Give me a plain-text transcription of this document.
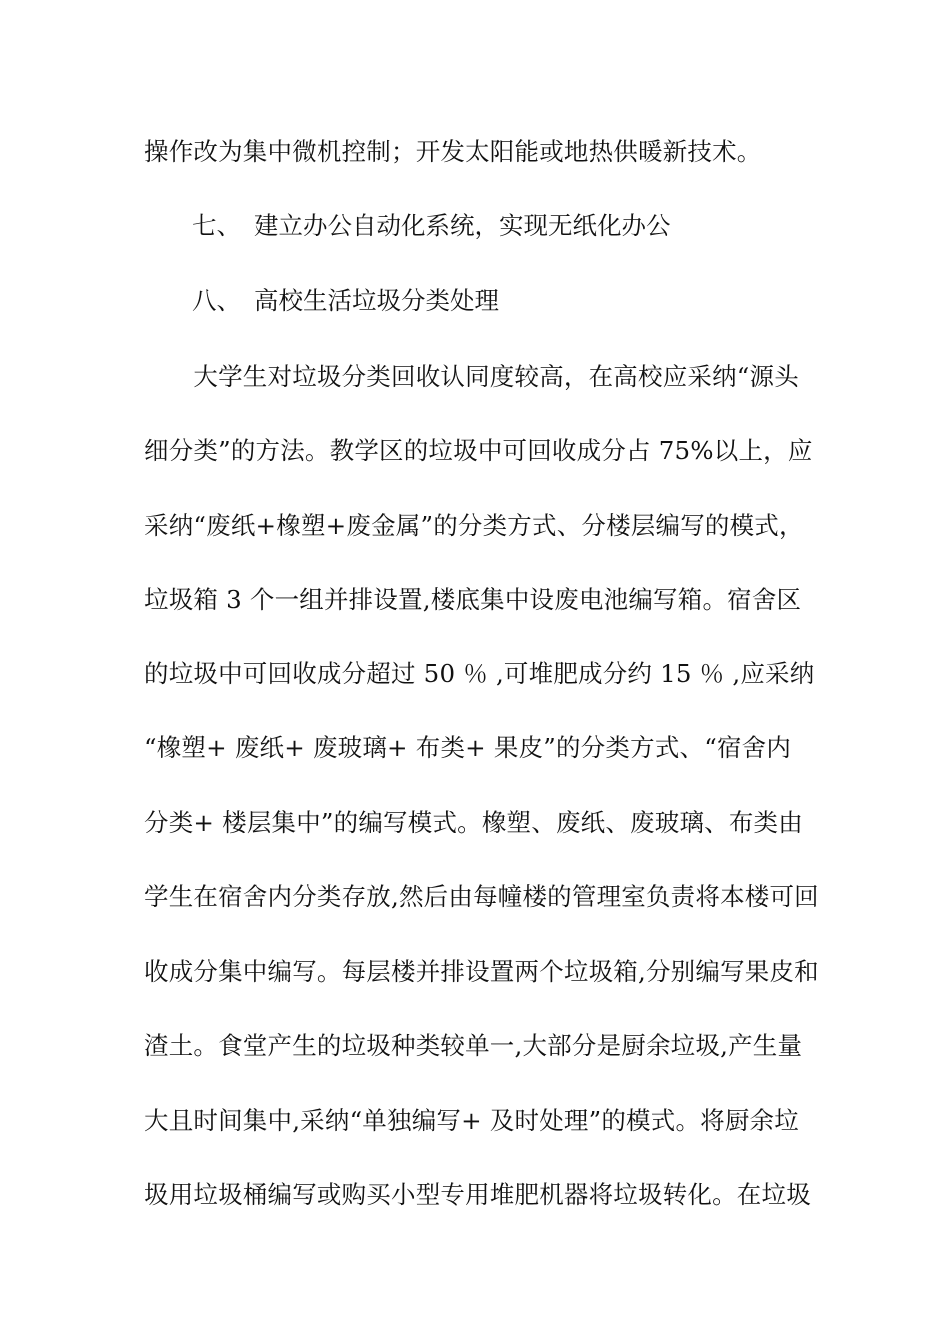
操作改为集中微机控制；开发太阳能或地热供暖新技术。
七、 建立办公自动化系统，实现无纸化办公
八、 高校生活垃圾分类处理
　　大学生对垃圾分类回收认同度较高，在高校应采纳“源头
细分类”的方法。教学区的垃圾中可回收成分占 75%以上，应
采纳“废纸+橡塑+废金属”的分类方式、分楼层编写的模式，
垃圾箱 3 个一组并排设置,楼底集中设废电池编写箱。宿舍区
的垃圾中可回收成分超过 50 ％ ,可堆肥成分约 15 ％ ,应采纳
“橡塑+ 废纸+ 废玻璃+ 布类+ 果皮”的分类方式、“宿舍内
分类+ 楼层集中”的编写模式。橡塑、废纸、废玻璃、布类由
学生在宿舍内分类存放,然后由每幢楼的管理室负责将本楼可回
收成分集中编写。每层楼并排设置两个垃圾箱,分别编写果皮和
渣土。食堂产生的垃圾种类较单一,大部分是厨余垃圾,产生量
大且时间集中,采纳“单独编写+ 及时处理”的模式。将厨余垃
圾用垃圾桶编写或购买小型专用堆肥机器将垃圾转化。在垃圾
